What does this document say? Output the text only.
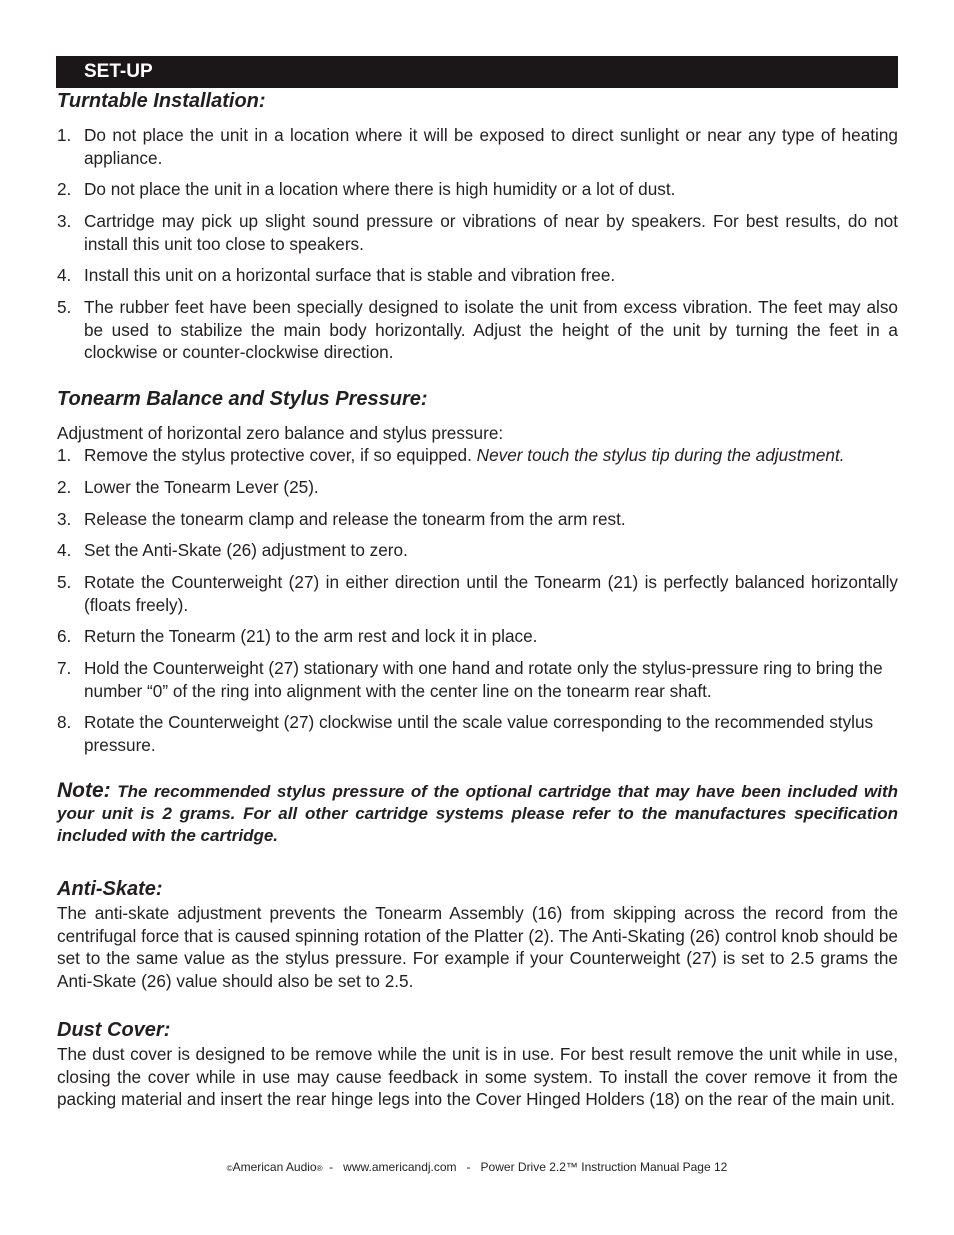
SET-UP
Turntable Installation:
1. Do not place the unit in a location where it will be exposed to direct sunlight or near any type of heating appliance.
2. Do not place the unit in a location where there is high humidity or a lot of dust.
3. Cartridge may pick up slight sound pressure or vibrations of near by speakers. For best results, do not install this unit too close to speakers.
4. Install this unit on a horizontal surface that is stable and vibration free.
5. The rubber feet have been specially designed to isolate the unit from excess vibration. The feet may also be used to stabilize the main body horizontally. Adjust the height of the unit by turning the feet in a clockwise or counter-clockwise direction.
Tonearm Balance and Stylus Pressure:
Adjustment of horizontal zero balance and stylus pressure:
1. Remove the stylus protective cover, if so equipped. Never touch the stylus tip during the adjustment.
2. Lower the Tonearm Lever (25).
3. Release the tonearm clamp and release the tonearm from the arm rest.
4. Set the Anti-Skate (26) adjustment to zero.
5. Rotate the Counterweight (27) in either direction until the Tonearm (21) is perfectly balanced horizontally (floats freely).
6. Return the Tonearm (21) to the arm rest and lock it in place.
7. Hold the Counterweight (27) stationary with one hand and rotate only the stylus-pressure ring to bring the number “0” of the ring into alignment with the center line on the tonearm rear shaft.
8. Rotate the Counterweight (27) clockwise until the scale value corresponding to the recommended stylus pressure.
Note: The recommended stylus pressure of the optional cartridge that may have been included with your unit is 2 grams. For all other cartridge systems please refer to the manufactures specification included with the cartridge.
Anti-Skate:
The anti-skate adjustment prevents the Tonearm Assembly (16) from skipping across the record from the centrifugal force that is caused spinning rotation of the Platter (2). The Anti-Skating (26) control knob should be set to the same value as the stylus pressure. For example if your Counterweight (27) is set to 2.5 grams the Anti-Skate (26) value should also be set to 2.5.
Dust Cover:
The dust cover is designed to be remove while the unit is in use. For best result remove the unit while in use, closing the cover while in use may cause feedback in some system. To install the cover remove it from the packing material and insert the rear hinge legs into the Cover Hinged Holders (18) on the rear of the main unit.
©American Audio®  -   www.americandj.com   -   Power Drive 2.2™ Instruction Manual Page 12
